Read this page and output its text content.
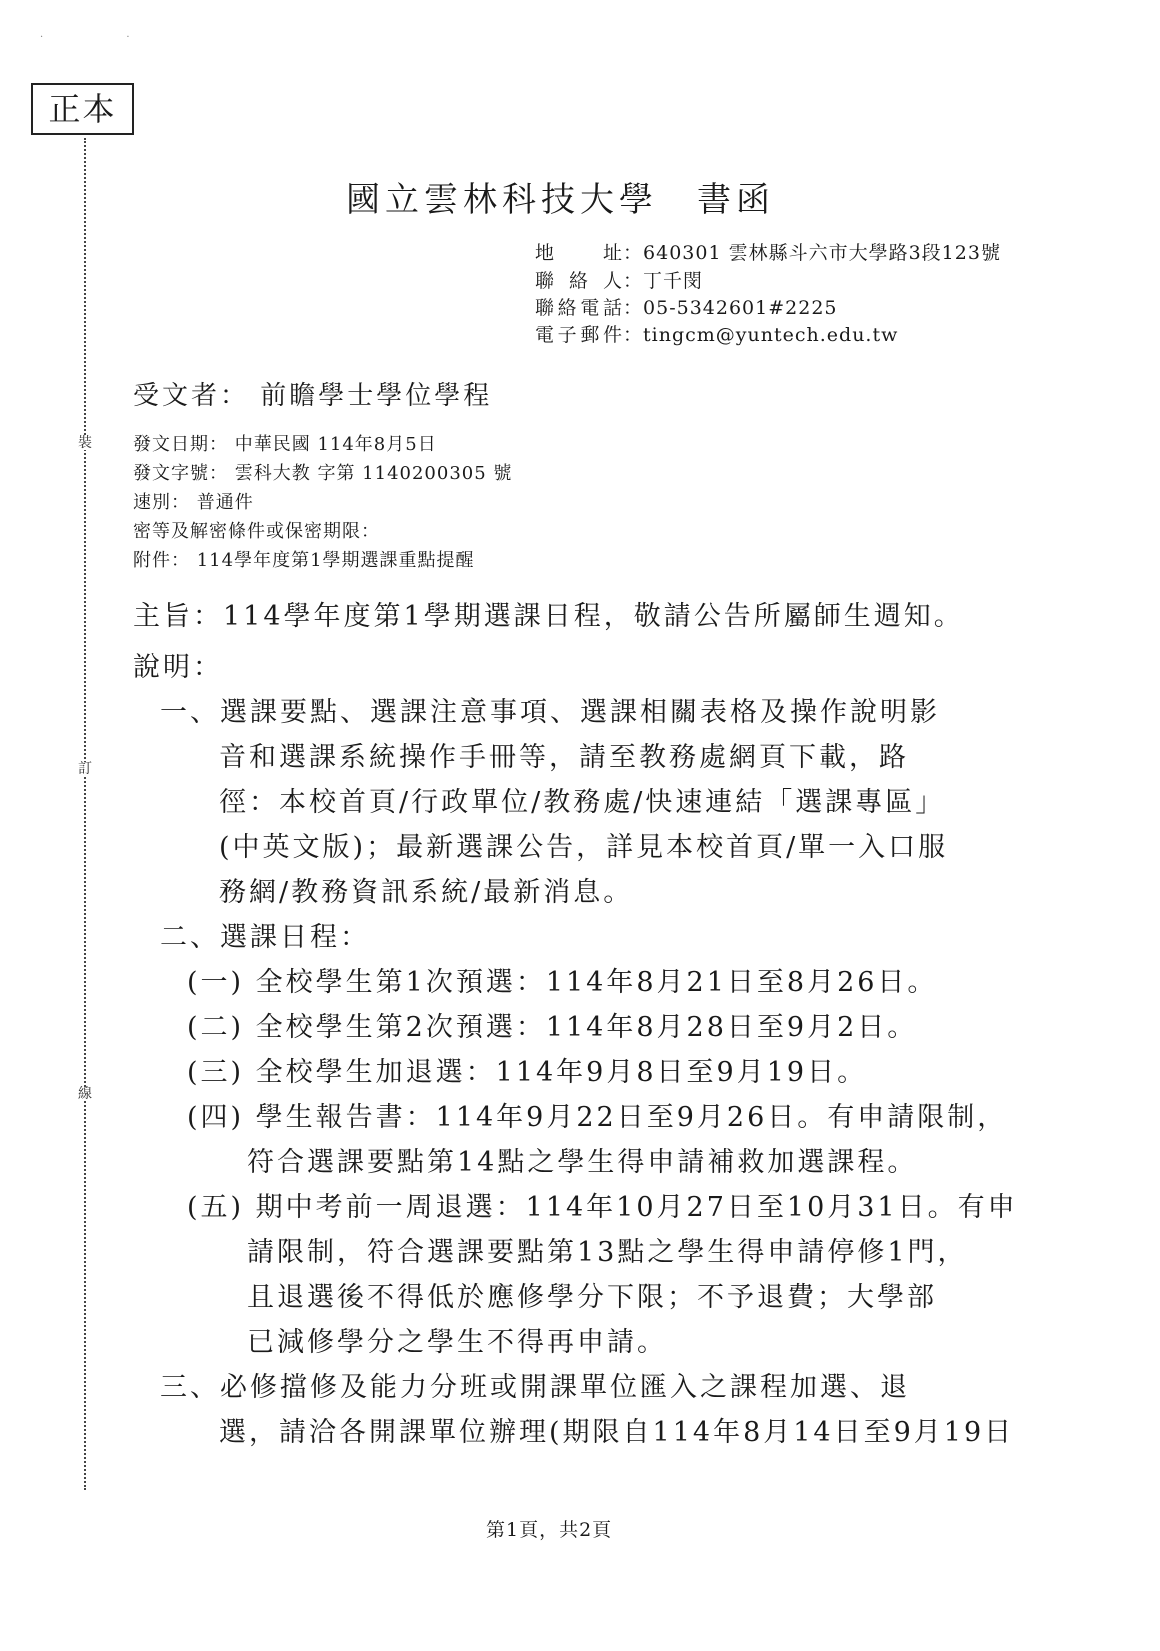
· ·
正本
裝
訂
線
國立雲林科技大學　書函
地　　址：640301 雲林縣斗六市大學路3段123號
聯 絡 人：丁千閔
聯絡電話：05-5342601#2225
電子郵件：tingcm@yuntech.edu.tw
受文者： 前瞻學士學位學程
發文日期： 中華民國 114年8月5日
發文字號： 雲科大教 字第 1140200305 號
速別： 普通件
密等及解密條件或保密期限：
附件： 114學年度第1學期選課重點提醒
主旨：114學年度第1學期選課日程，敬請公告所屬師生週知。
說明：
一、選課要點、選課注意事項、選課相關表格及操作說明影
音和選課系統操作手冊等，請至教務處網頁下載，路
徑：本校首頁/行政單位/教務處/快速連結「選課專區」
(中英文版)；最新選課公告，詳見本校首頁/單一入口服
務網/教務資訊系統/最新消息。
二、選課日程：
(一) 全校學生第1次預選：114年8月21日至8月26日。
(二) 全校學生第2次預選：114年8月28日至9月2日。
(三) 全校學生加退選：114年9月8日至9月19日。
(四) 學生報告書：114年9月22日至9月26日。有申請限制，
符合選課要點第14點之學生得申請補救加選課程。
(五) 期中考前一周退選：114年10月27日至10月31日。有申
請限制，符合選課要點第13點之學生得申請停修1門，
且退選後不得低於應修學分下限；不予退費；大學部
已減修學分之學生不得再申請。
三、必修擋修及能力分班或開課單位匯入之課程加選、退
選，請洽各開課單位辦理(期限自114年8月14日至9月19日
第1頁，共2頁
